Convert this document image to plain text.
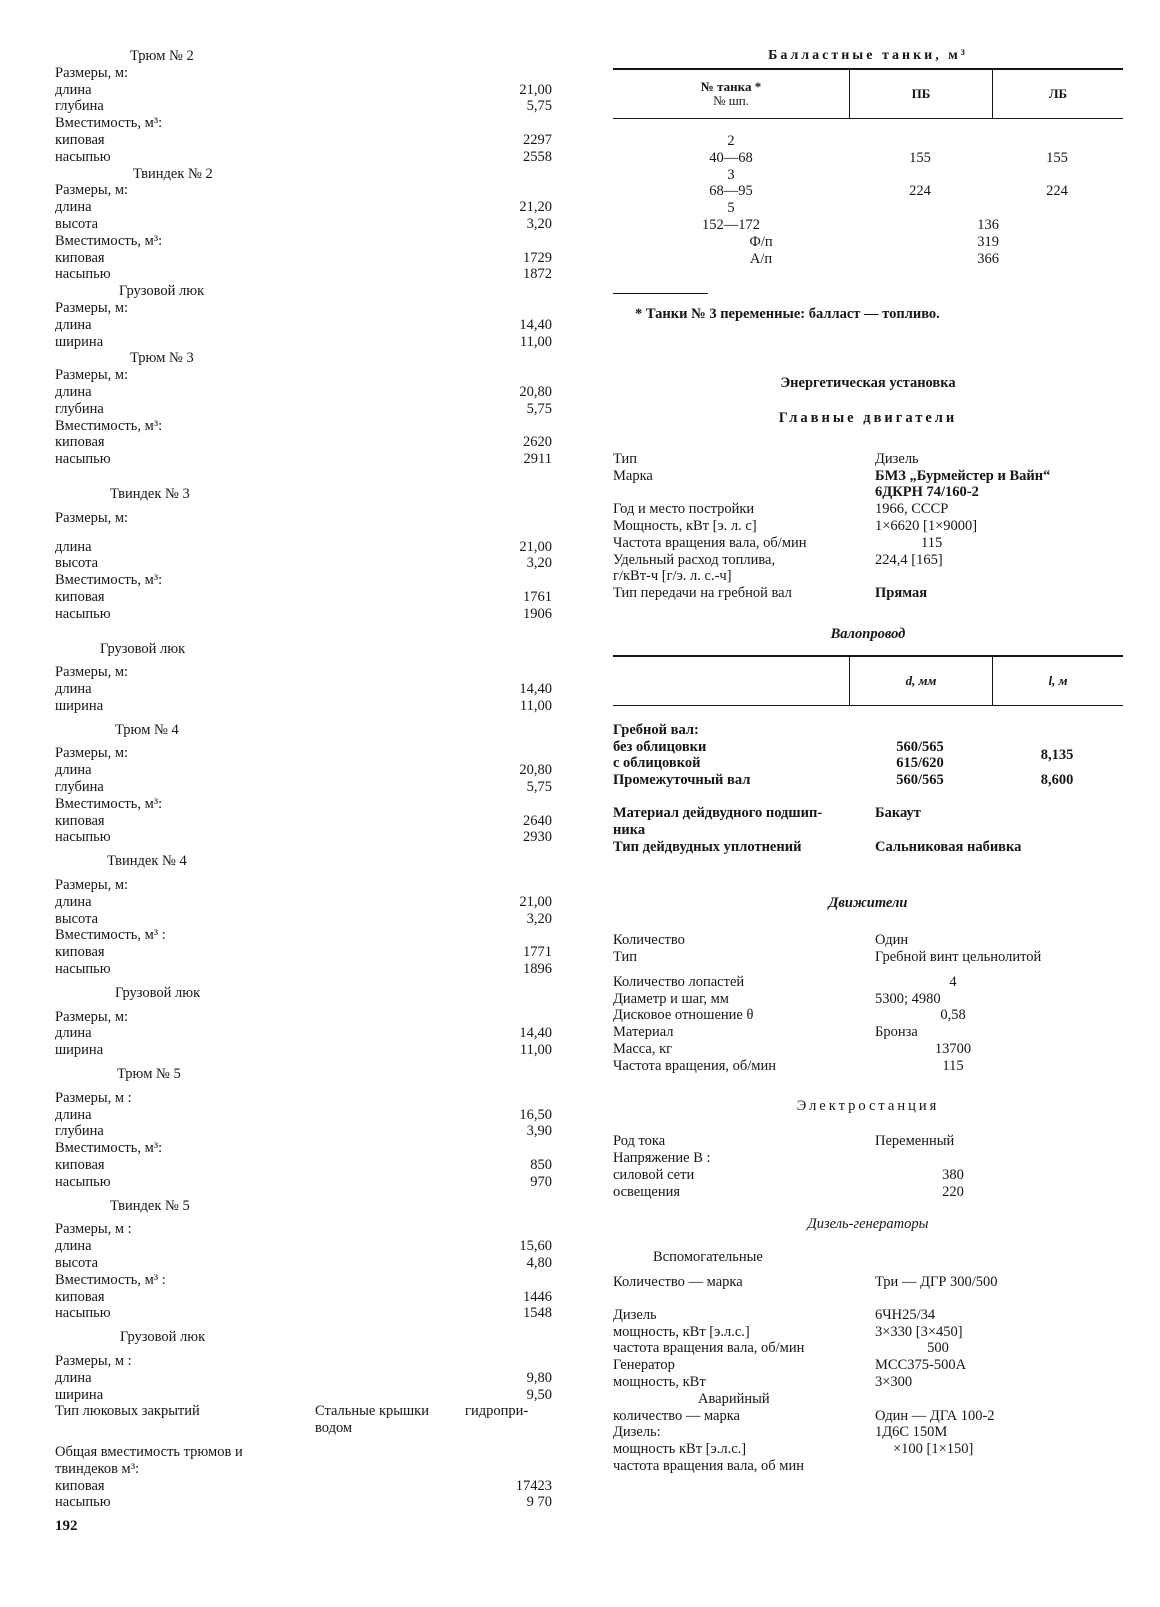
Трюм № 2
Размеры, м:
длина	21,00
глубина	5,75
Вместимость, м³:
киповая	2297
насыпью	2558
Твиндек № 2
Размеры, м:
длина	21,20
высота	3,20
Вместимость, м³:
киповая	1729
насыпью	1872
Грузовой люк
Размеры, м:
длина	14,40
ширина	11,00
Трюм № 3
Размеры, м:
длина	20,80
глубина	5,75
Вместимость, м³:
киповая	2620
насыпью	2911
Твиндек № 3
Размеры, м:
длина	21,00
высота	3,20
Вместимость, м³:
киповая	1761
насыпью	1906
Грузовой люк
Размеры, м:
длина	14,40
ширина	11,00
Трюм № 4
Размеры, м:
длина	20,80
глубина	5,75
Вместимость, м³:
киповая	2640
насыпью	2930
Твиндек № 4
Размеры, м:
длина	21,00
высота	3,20
Вместимость, м³ :
киповая	1771
насыпью	1896
Грузовой люк
Размеры, м:
длина	14,40
ширина	11,00
Трюм № 5
Размеры, м :
длина	16,50
глубина	3,90
Вместимость, м³:
киповая	850
насыпью	970
Твиндек № 5
Размеры, м :
длина	15,60
высота	4,80
Вместимость, м³ :
киповая	1446
насыпью	1548
Грузовой люк
Размеры, м :
длина	9,80
ширина	9,50
Тип люковых закрытий	Стальные крышки	гидропри-
водом
Общая вместимость трюмов и
твиндеков м³:
киповая	17423
насыпью	9 70
192
Балластные танки, м³
№ танка *
№ шп.	ПБ	ЛБ
2
40—68	155	155
3
68—95	224	224
5
152—172	136
Ф/п	319
А/п	366
* Танки № 3 переменные: балласт — топливо.
Энергетическая установка
Главные двигатели
Тип	Дизель
Марка	БМЗ „Бурмейстер и Вайн“
6ДКРН 74/160-2
Год и место постройки	1966, СССР
Мощность, кВт [э. л. с]	1×6620 [1×9000]
Частота вращения вала, об/мин	115
Удельный расход топлива,	224,4 [165]
г/кВт-ч [г/э. л. с.-ч]
Тип передачи на гребной вал	Прямая
Валопровод
d, мм	l, м
Гребной вал:
без облицовки	560/565	8,135
с облицовкой	615/620
Промежуточный вал	560/565	8,600
Материал дейдвудного подшип-	Бакаут
ника
Тип дейдвудных уплотнений	Сальниковая набивка
Движители
Количество	Один
Тип	Гребной винт цельнолитой
Количество лопастей	4
Диаметр и шаг, мм	5300; 4980
Дисковое отношение θ	0,58
Материал	Бронза
Масса, кг	13700
Частота вращения, об/мин	115
Электростанция
Род тока	Переменный
Напряжение В :
силовой сети	380
освещения	220
Дизель-генераторы
Вспомогательные
Количество — марка	Три — ДГР 300/500
Дизель	6ЧН25/34
мощность, кВт [э.л.с.]	3×330 [3×450]
частота вращения вала, об/мин	500
Генератор	МСС375-500А
мощность, кВт	3×300
Аварийный
количество — марка	Один — ДГА 100-2
Дизель:	1Д6С 150М
мощность кВт [э.л.с.]	×100 [1×150]
частота вращения вала, об мин
